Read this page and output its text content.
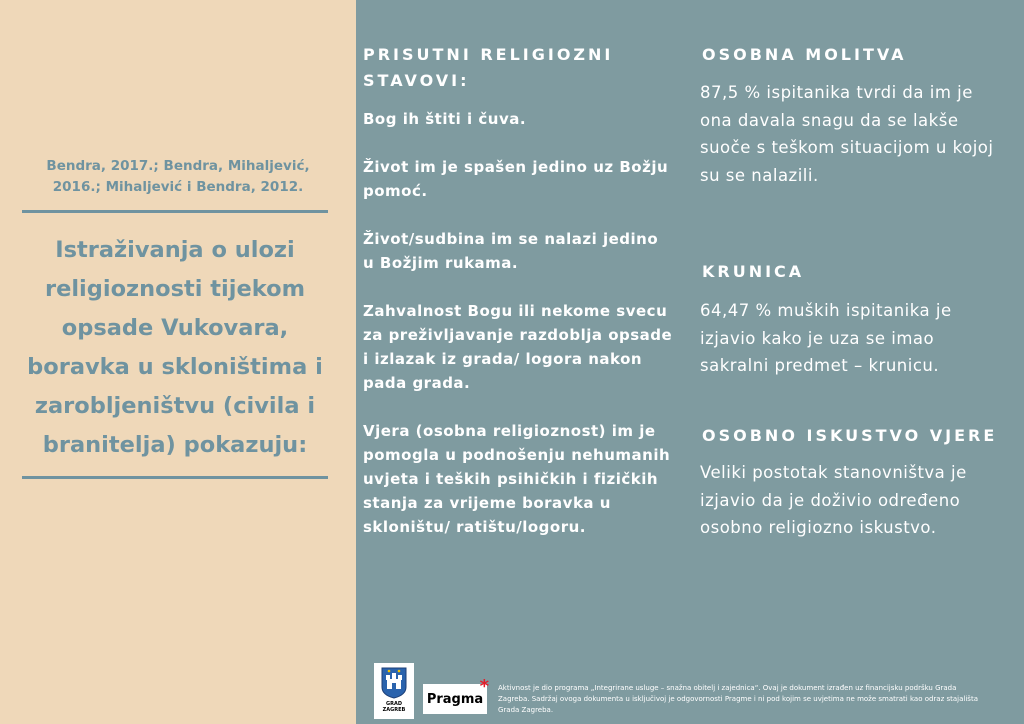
Bendra, 2017.; Bendra, Mihaljević, 2016.; Mihaljević i Bendra, 2012.
Istraživanja o ulozi religioznosti tijekom opsade Vukovara, boravka u skloništima i zarobljeništvu (civila i branitelja) pokazuju:
PRISUTNI RELIGIOZNI STAVOVI:
Bog ih štiti i čuva.
Život im je spašen jedino uz Božju pomoć.
Život/sudbina im se nalazi jedino u Božjim rukama.
Zahvalnost Bogu ili nekome svecu za preživljavanje razdoblja opsade i izlazak iz grada/ logora nakon pada grada.
Vjera (osobna religioznost) im je pomogla u podnošenju nehumanih uvjeta i teških psihičkih i fizičkih stanja za vrijeme boravka u skloništu/ ratištu/logoru.
OSOBNA MOLITVA
87,5 % ispitanika tvrdi da im je ona davala snagu da se lakše suoče s teškom situacijom u kojoj su se nalazili.
KRUNICA
64,47 % muških ispitanika je izjavio kako je uza se imao sakralni predmet – krunicu.
OSOBNO ISKUSTVO VJERE
Veliki postotak stanovništva je izjavio da je doživio određeno osobno religiozno iskustvo.
GRAD ZAGREB
Pragma
* Aktivnost je dio programa „Integrirane usluge – snažna obitelj i zajednica“. Ovaj je dokument izrađen uz financijsku podršku Grada Zagreba. Sadržaj ovoga dokumenta u isključivoj je odgovornosti Pragme i ni pod kojim se uvjetima ne može smatrati kao odraz stajališta Grada Zagreba.
